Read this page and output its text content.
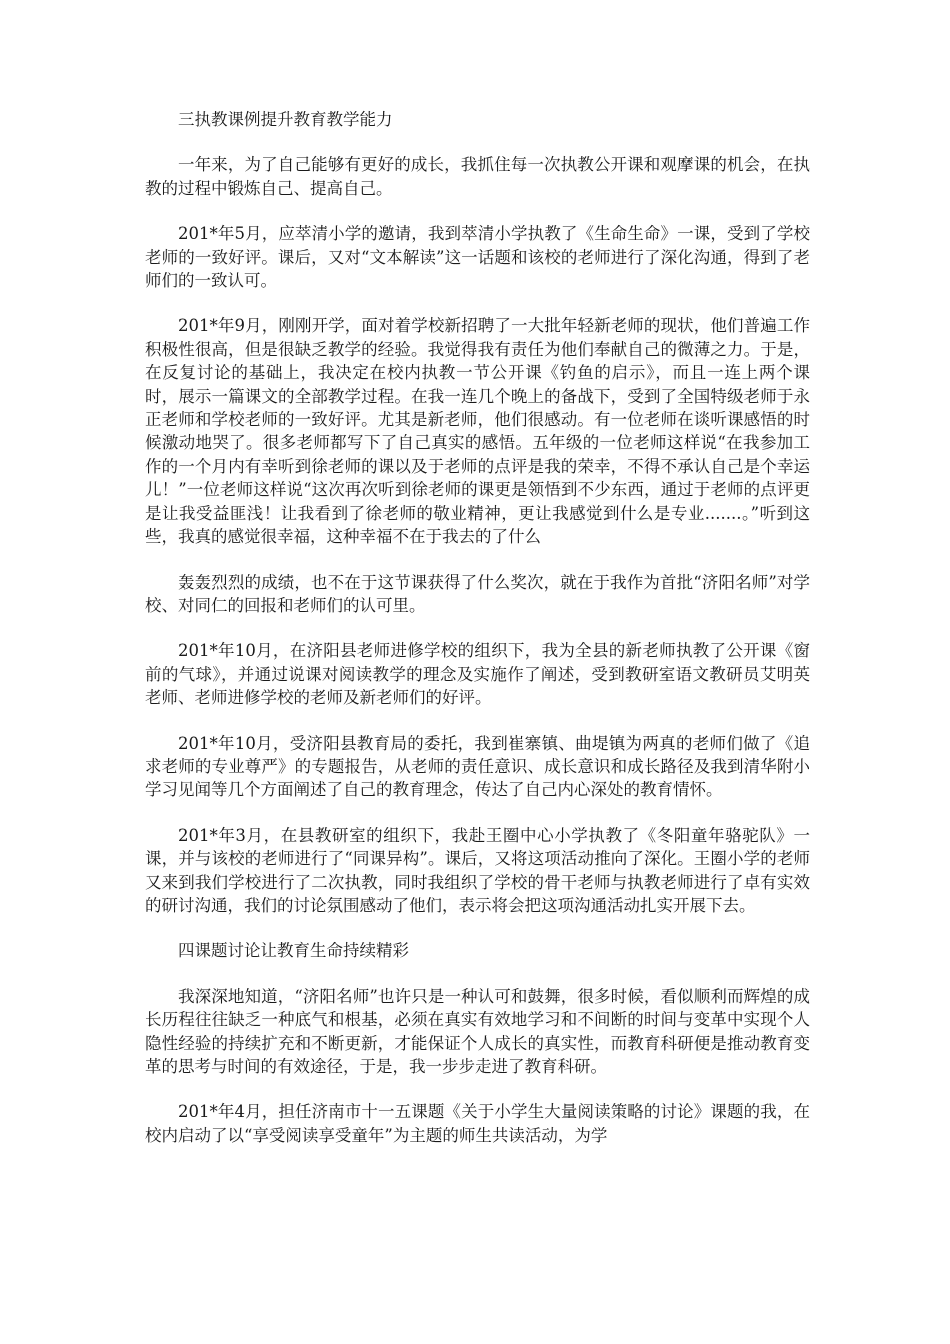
三执教课例提升教育教学能力

一年来，为了自己能够有更好的成长，我抓住每一次执教公开课和观摩课的机会，在执教的过程中锻炼自己、提高自己。

201*年5月，应萃清小学的邀请，我到萃清小学执教了《生命生命》一课，受到了学校老师的一致好评。课后，又对“文本解读”这一话题和该校的老师进行了深化沟通，得到了老师们的一致认可。

201*年9月，刚刚开学，面对着学校新招聘了一大批年轻新老师的现状，他们普遍工作积极性很高，但是很缺乏教学的经验。我觉得我有责任为他们奉献自己的微薄之力。于是，在反复讨论的基础上，我决定在校内执教一节公开课《钓鱼的启示》，而且一连上两个课时，展示一篇课文的全部教学过程。在我一连几个晚上的备战下，受到了全国特级老师于永正老师和学校老师的一致好评。尤其是新老师，他们很感动。有一位老师在谈听课感悟的时候激动地哭了。很多老师都写下了自己真实的感悟。五年级的一位老师这样说“在我参加工作的一个月内有幸听到徐老师的课以及于老师的点评是我的荣幸，不得不承认自己是个幸运儿！”一位老师这样说“这次再次听到徐老师的课更是领悟到不少东西，通过于老师的点评更是让我受益匪浅！让我看到了徐老师的敬业精神，更让我感觉到什么是专业.......。”听到这些，我真的感觉很幸福，这种幸福不在于我去的了什么

轰轰烈烈的成绩，也不在于这节课获得了什么奖次，就在于我作为首批“济阳名师”对学校、对同仁的回报和老师们的认可里。

201*年10月，在济阳县老师进修学校的组织下，我为全县的新老师执教了公开课《窗前的气球》，并通过说课对阅读教学的理念及实施作了阐述，受到教研室语文教研员艾明英老师、老师进修学校的老师及新老师们的好评。

201*年10月，受济阳县教育局的委托，我到崔寨镇、曲堤镇为两真的老师们做了《追求老师的专业尊严》的专题报告，从老师的责任意识、成长意识和成长路径及我到清华附小学习见闻等几个方面阐述了自己的教育理念，传达了自己内心深处的教育情怀。

201*年3月，在县教研室的组织下，我赴王圈中心小学执教了《冬阳童年骆驼队》一课，并与该校的老师进行了“同课异构”。课后，又将这项活动推向了深化。王圈小学的老师又来到我们学校进行了二次执教，同时我组织了学校的骨干老师与执教老师进行了卓有实效的研讨沟通，我们的讨论氛围感动了他们，表示将会把这项沟通活动扎实开展下去。

四课题讨论让教育生命持续精彩

我深深地知道，“济阳名师”也许只是一种认可和鼓舞，很多时候，看似顺利而辉煌的成长历程往往缺乏一种底气和根基，必须在真实有效地学习和不间断的时间与变革中实现个人隐性经验的持续扩充和不断更新，才能保证个人成长的真实性，而教育科研便是推动教育变革的思考与时间的有效途径，于是，我一步步走进了教育科研。

201*年4月，担任济南市十一五课题《关于小学生大量阅读策略的讨论》课题的我，在校内启动了以“享受阅读享受童年”为主题的师生共读活动，为学
